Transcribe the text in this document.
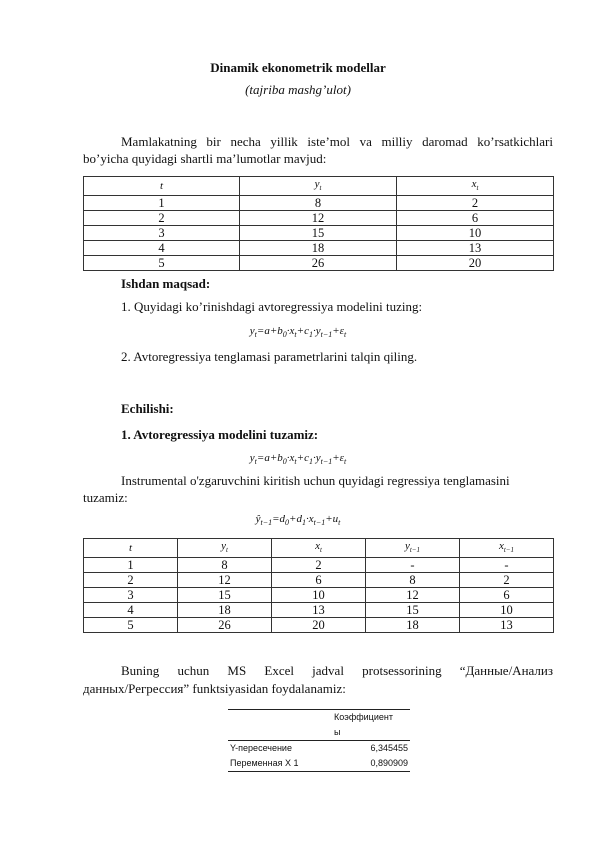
Dinamik ekonometrik modellar
(tajriba mashg’ulot)
Mamlakatning bir necha yillik iste’mol va milliy daromad ko’rsatkichlari
bo’yicha quyidagi shartli ma’lumotlar mavjud:
t	$y_t$	$x_t$
1	8	2
2	12	6
3	15	10
4	18	13
5	26	20
Ishdan maqsad:
1. Quyidagi ko’rinishdagi avtoregressiya modelini tuzing:
$y_t=a+b_0\cdot x_t+c_1\cdot y_{t-1}+\varepsilon_t$
2. Avtoregressiya tenglamasi parametrlarini talqin qiling.
Echilishi:
1. Avtoregressiya modelini tuzamiz:
$y_t=a+b_0\cdot x_t+c_1\cdot y_{t-1}+\varepsilon_t$
Instrumental o'zgaruvchini kiritish uchun quyidagi regressiya tenglamasini
tuzamiz:
$ŷ_{t-1}=d_0+d_1\cdot x_{t-1}+u_t$
t	$y_t$	$x_t$	$y_{t-1}$	$x_{t-1}$
1	8	2	-	-
2	12	6	8	2
3	15	10	12	6
4	18	13	15	10
5	26	20	18	13
Buning uchun MS Excel jadval protsessorining “Данные/Анализ
данных/Регрессия” funktsiyasidan foydalanamiz:
	Коэффициент
ы
Y-пересечение	6,345455
Переменная X 1	0,890909
